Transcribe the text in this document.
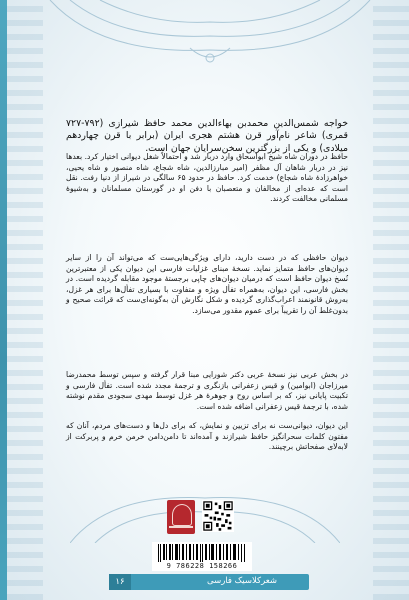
خواجه شمس‌الدین محمدبن بهاءالدین محمد حافظ شیرازی (۷۹۲-۷۲۷ قمری) شاعر نام‌آور قرن هشتم هجری ایران (برابر با قرن چهاردهم میلادی) و یکی از بزرگترین سخن‌سرایان جهان است.

حافظ در دوران شاه شیخ ابواسحاق وارد دربار شد و احتمالاً شغل دیوانی اختیار کرد. بعدها نیز در دربار شاهان آل مظفر (امیر مبارزالدین، شاه شجاع، شاه منصور و شاه یحیی، خواهرزادهٔ شاه شجاع) خدمت کرد. حافظ در حدود ۶۵ سالگی در شیراز از دنیا رفت. نقل است که عده‌ای از مخالفان و متعصبان با دفن او در گورستان مسلمانان و به‌شیوهٔ مسلمانی مخالفت کردند.

دیوان حافظی که در دست دارید، دارای ویژگی‌هایی‌ست که می‌تواند آن را از سایر دیوان‌های حافظ متمایز نماید. نسخهٔ مبنای غزلیات فارسی این دیوان یکی از معتبرترین نُسخ دیوان حافظ است که درمیان دیوان‌های چاپی برجستهٔ موجود مقابله گردیده است. در بخش فارسی، این دیوان، به‌همراه تفأل ویژه و متفاوت با بسیاری تفأل‌ها برای هر غزل، به‌روش قانونمند اعراب‌گذاری گردیده و شکل نگارش آن به‌گونه‌ای‌ست که قرائت صحیح و بدون‌غلط آن را تقریباً برای عموم مقدور می‌سازد.

در بخش عربی نیز نسخهٔ عربی دکتر شورایی مبنا قرار گرفته و سپس توسط محمدرضا میرزاجان (ابوامین) و قیس زعفرانی بازنگری و ترجمهٔ مجدد شده است. تفأل فارسی و تکبیت پایانی نیز، که بر اساس روح و جوهرهٔ هر غزل توسط مهدی سجودی مقدم نوشته شده، با ترجمهٔ قیس زعفرانی اضافه شده است.

این دیوان، دیوانی‌ست نه برای تزیین و نمایش، که برای دل‌ها و دست‌های مردم، آنان که مفتون کلمات سحرانگیز حافظ شیرازند و آمده‌اند تا دامن‌دامن خرمن خرم و پربرکت از لابه‌لای صفحاتش برچینند.

9 786228 158266
۱۶	شعرکلاسیک فارسی
